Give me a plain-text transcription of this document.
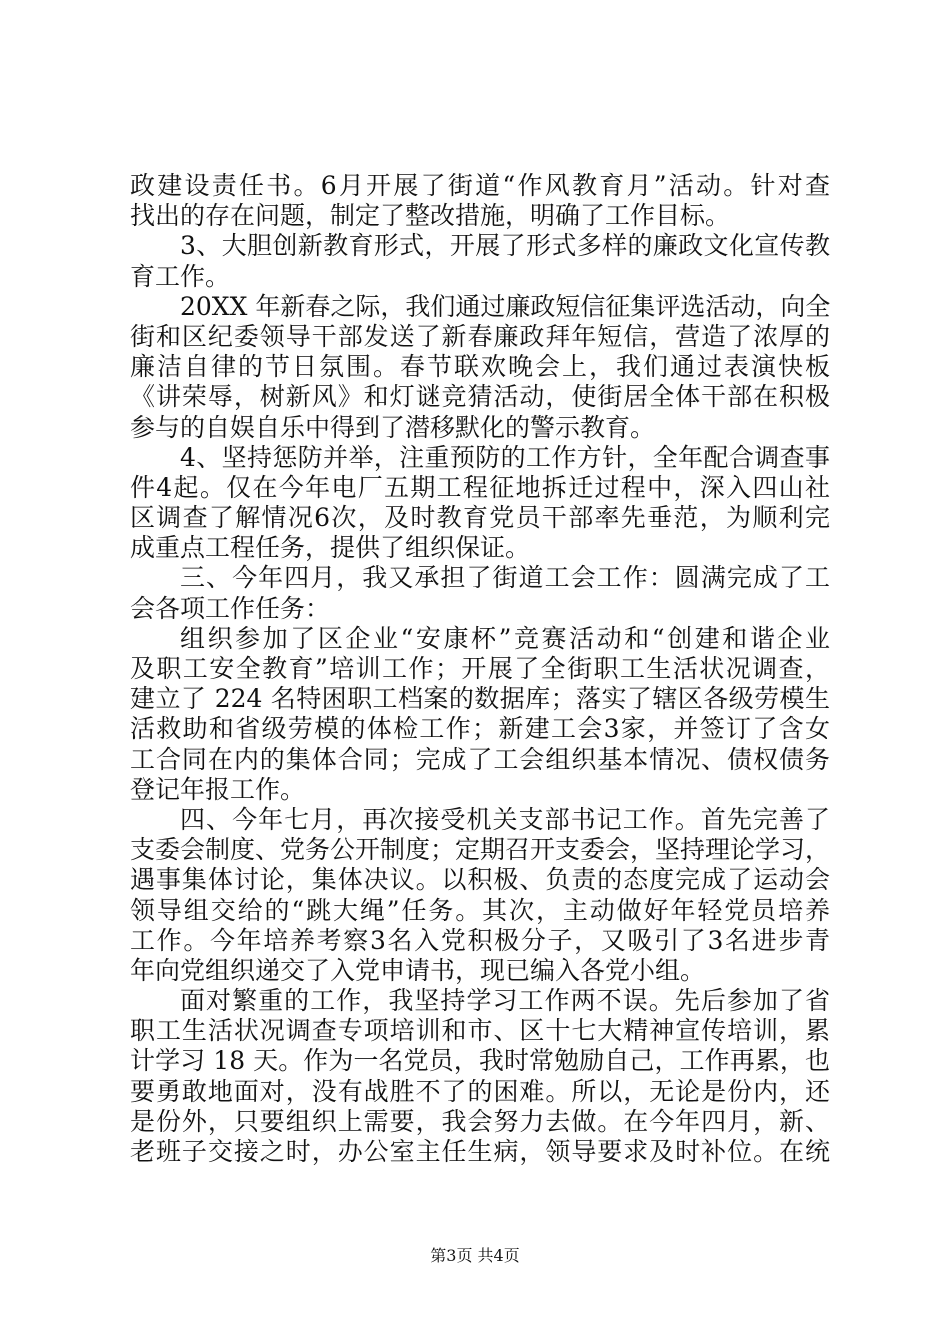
政建设责任书。6月开展了街道“作风教育月”活动。针对查
找出的存在问题，制定了整改措施，明确了工作目标。
3、大胆创新教育形式，开展了形式多样的廉政文化宣传教
育工作。
20XX 年新春之际，我们通过廉政短信征集评选活动，向全
街和区纪委领导干部发送了新春廉政拜年短信，营造了浓厚的
廉洁自律的节日氛围。春节联欢晚会上，我们通过表演快板
《讲荣辱，树新风》和灯谜竞猜活动，使街居全体干部在积极
参与的自娱自乐中得到了潜移默化的警示教育。
4、坚持惩防并举，注重预防的工作方针，全年配合调查事
件4起。仅在今年电厂五期工程征地拆迁过程中，深入四山社
区调查了解情况6次，及时教育党员干部率先垂范，为顺利完
成重点工程任务，提供了组织保证。
三、今年四月，我又承担了街道工会工作：圆满完成了工
会各项工作任务：
组织参加了区企业“安康杯”竞赛活动和“创建和谐企业
及职工安全教育”培训工作；开展了全街职工生活状况调查，
建立了 224 名特困职工档案的数据库；落实了辖区各级劳模生
活救助和省级劳模的体检工作；新建工会3家，并签订了含女
工合同在内的集体合同；完成了工会组织基本情况、债权债务
登记年报工作。
四、今年七月，再次接受机关支部书记工作。首先完善了
支委会制度、党务公开制度；定期召开支委会，坚持理论学习，
遇事集体讨论，集体决议。以积极、负责的态度完成了运动会
领导组交给的“跳大绳”任务。其次，主动做好年轻党员培养
工作。今年培养考察3名入党积极分子，又吸引了3名进步青
年向党组织递交了入党申请书，现已编入各党小组。
面对繁重的工作，我坚持学习工作两不误。先后参加了省
职工生活状况调查专项培训和市、区十七大精神宣传培训，累
计学习 18 天。作为一名党员，我时常勉励自己，工作再累，也
要勇敢地面对，没有战胜不了的困难。所以，无论是份内，还
是份外，只要组织上需要，我会努力去做。在今年四月，新、
老班子交接之时，办公室主任生病，领导要求及时补位。在统
第3页 共4页
